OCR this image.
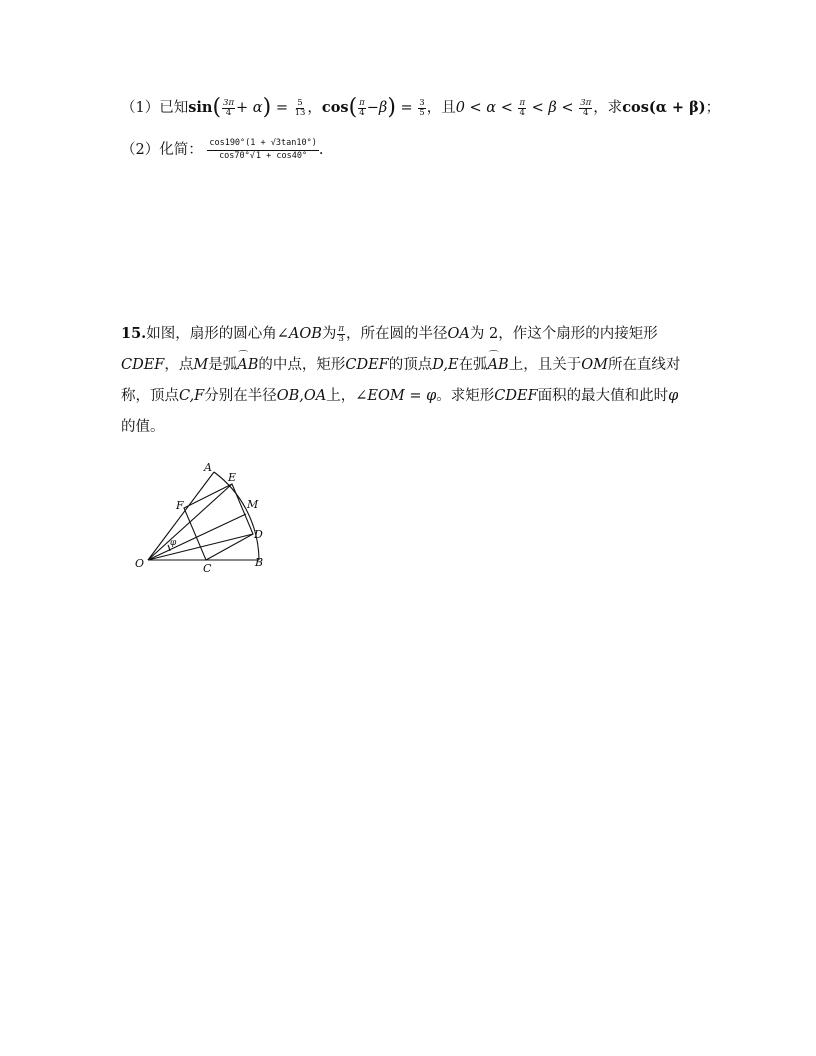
（1）已知$\sin( \frac{3\pi}{4} + \alpha) = \frac{5}{13}$ ，$\cos( \frac{\pi}{4} -\beta) = \frac{3}{5}$ ，且$0 < \alpha < \frac{\pi}{4} < \beta < \frac{3\pi}{4}$ ，求cos(α + β)；
（2）化简： $\frac{\cos 190^\circ(1 + √3\tan 10^\circ)}{\cos 70^\circ√1 + \cos 40^\circ}$ .
15.如图，扇形的圆心角∠AOB为 $\frac{\pi}{3}$ ，所在圆的半径OA为 2，作这个扇形的内接矩形CDEF，点M是弧⌒ AB的中点，矩形CDEF的顶点D,E在弧⌒ AB上，且关于OM所在直线对称，顶点C,F分别在半径OB,OA上，∠EOM = φ。求矩形CDEF面积的最大值和此时φ的值。
A
E
M
F
D
O	C	B
φ
